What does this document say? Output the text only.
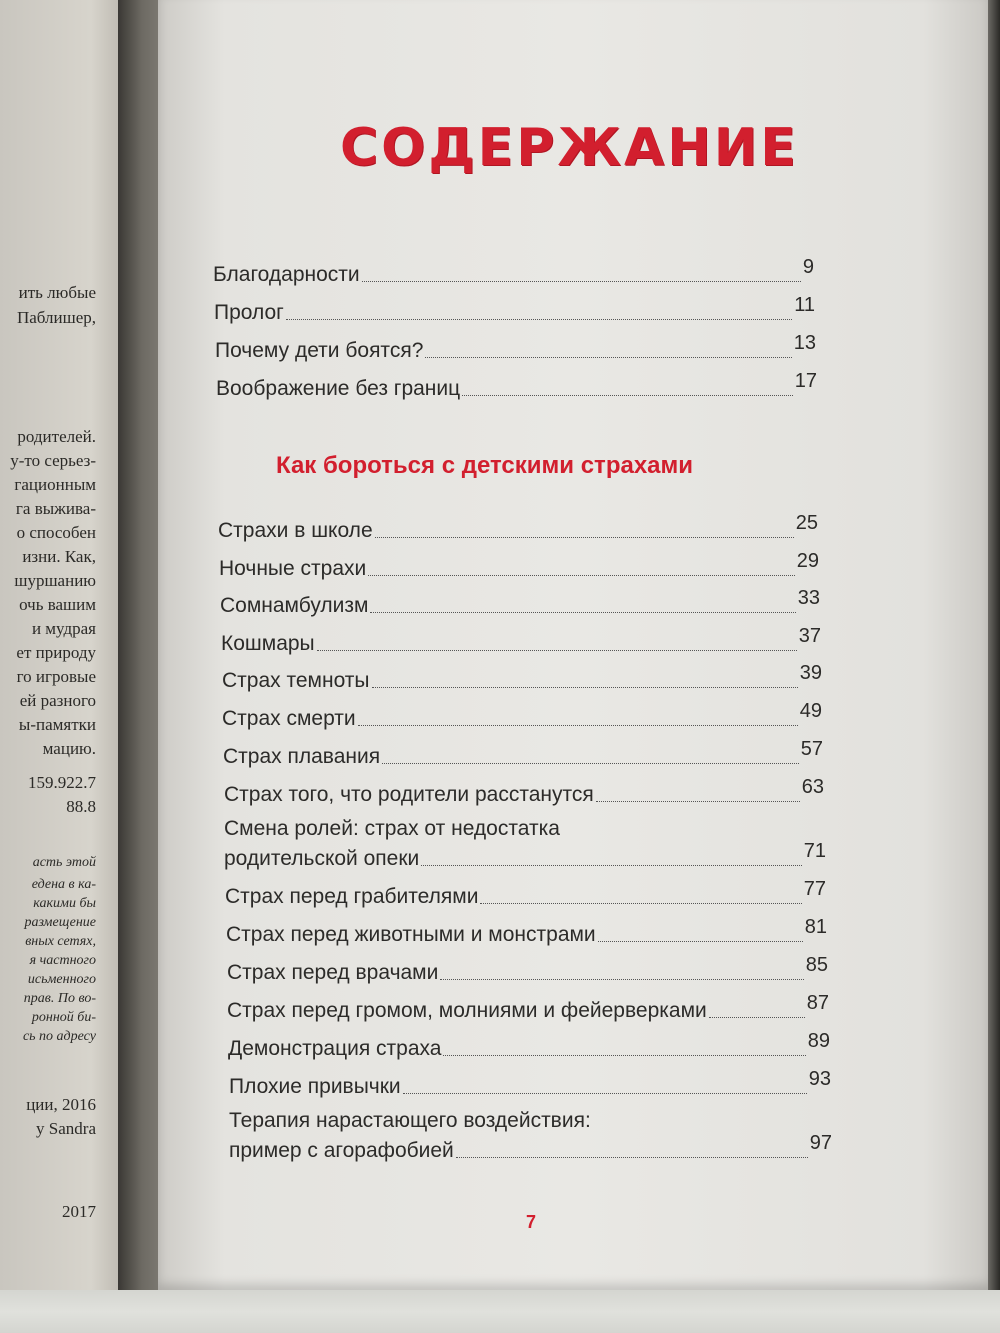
ить любые
Паблишер,
родителей.
у-то серьез-
гационным
га выжива-
о способен
изни. Как,
шуршанию
очь вашим
и мудрая
ет природу
го игровые
ей разного
ы-памятки
мацию.
159.922.7
88.8
асть этой
едена в ка-
какими бы
размещение
вных сетях,
я частного
исьменного
прав. По во-
ронной би-
сь по адресу
ции, 2016
y Sandra
2017
СОДЕРЖАНИЕ
Благодарности	9
Пролог	11
Почему дети боятся?	13
Воображение без границ	17
Как бороться с детскими страхами
Страхи в школе	25
Ночные страхи	29
Сомнамбулизм	33
Кошмары	37
Страх темноты	39
Страх смерти	49
Страх плавания	57
Страх того, что родители расстанутся	63
Смена ролей: страх от недостатка
родительской опеки	71
Страх перед грабителями	77
Страх перед животными и монстрами	81
Страх перед врачами	85
Страх перед громом, молниями и фейерверками	87
Демонстрация страха	89
Плохие привычки	93
Терапия нарастающего воздействия:
пример с агорафобией	97
7
